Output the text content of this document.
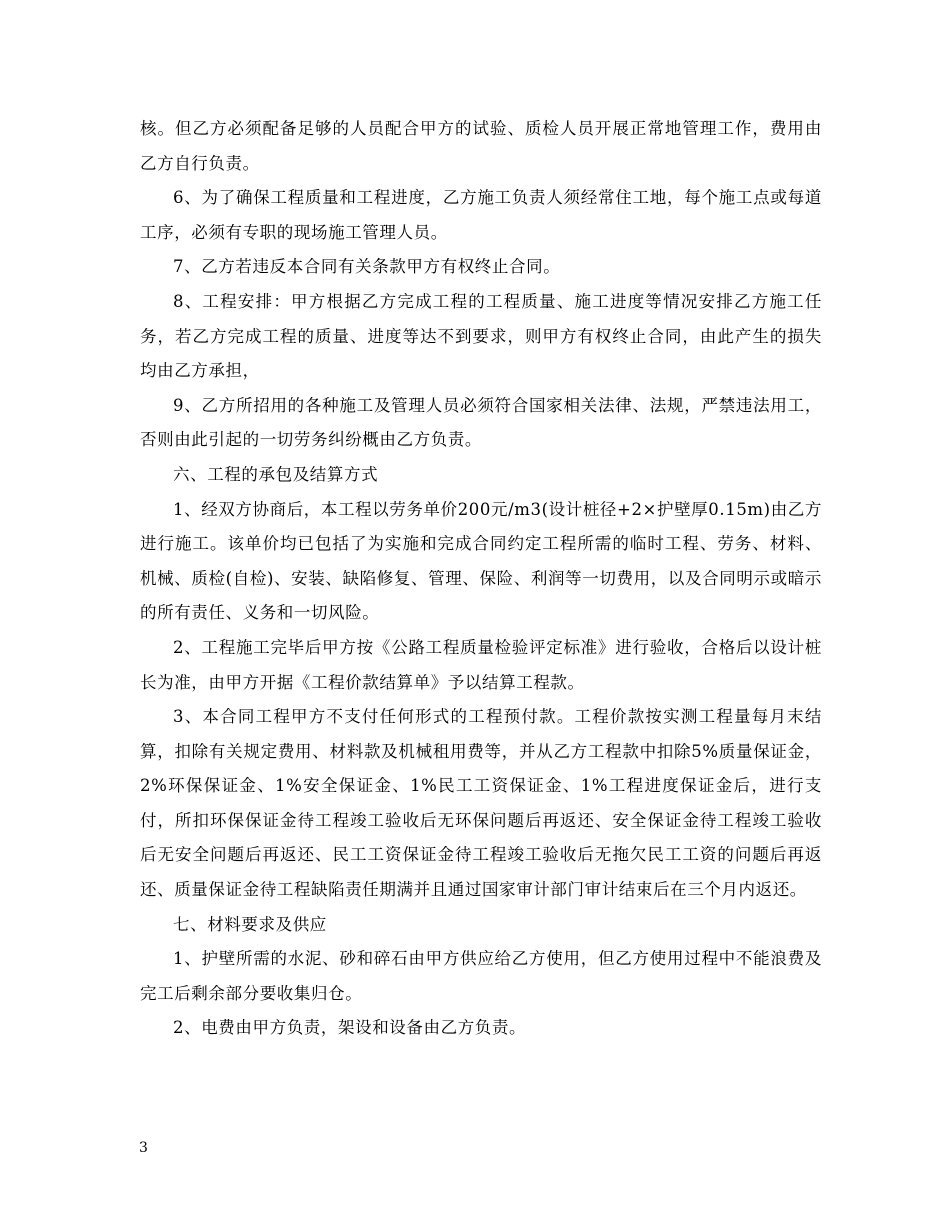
核。但乙方必须配备足够的人员配合甲方的试验、质检人员开展正常地管理工作，费用由乙方自行负责。

6、为了确保工程质量和工程进度，乙方施工负责人须经常住工地，每个施工点或每道工序，必须有专职的现场施工管理人员。

7、乙方若违反本合同有关条款甲方有权终止合同。

8、工程安排：甲方根据乙方完成工程的工程质量、施工进度等情况安排乙方施工任务，若乙方完成工程的质量、进度等达不到要求，则甲方有权终止合同，由此产生的损失均由乙方承担，

9、乙方所招用的各种施工及管理人员必须符合国家相关法律、法规，严禁违法用工，否则由此引起的一切劳务纠纷概由乙方负责。

六、工程的承包及结算方式

1、经双方协商后，本工程以劳务单价200元/m3(设计桩径+2×护壁厚0.15m)由乙方进行施工。该单价均已包括了为实施和完成合同约定工程所需的临时工程、劳务、材料、机械、质检(自检)、安装、缺陷修复、管理、保险、利润等一切费用，以及合同明示或暗示的所有责任、义务和一切风险。

2、工程施工完毕后甲方按《公路工程质量检验评定标准》进行验收，合格后以设计桩长为准，由甲方开据《工程价款结算单》予以结算工程款。

3、本合同工程甲方不支付任何形式的工程预付款。工程价款按实测工程量每月末结算，扣除有关规定费用、材料款及机械租用费等，并从乙方工程款中扣除5%质量保证金，2%环保保证金、1%安全保证金、1%民工工资保证金、1%工程进度保证金后，进行支付，所扣环保保证金待工程竣工验收后无环保问题后再返还、安全保证金待工程竣工验收后无安全问题后再返还、民工工资保证金待工程竣工验收后无拖欠民工工资的问题后再返还、质量保证金待工程缺陷责任期满并且通过国家审计部门审计结束后在三个月内返还。

七、材料要求及供应

1、护壁所需的水泥、砂和碎石由甲方供应给乙方使用，但乙方使用过程中不能浪费及完工后剩余部分要收集归仓。

2、电费由甲方负责，架设和设备由乙方负责。

3
